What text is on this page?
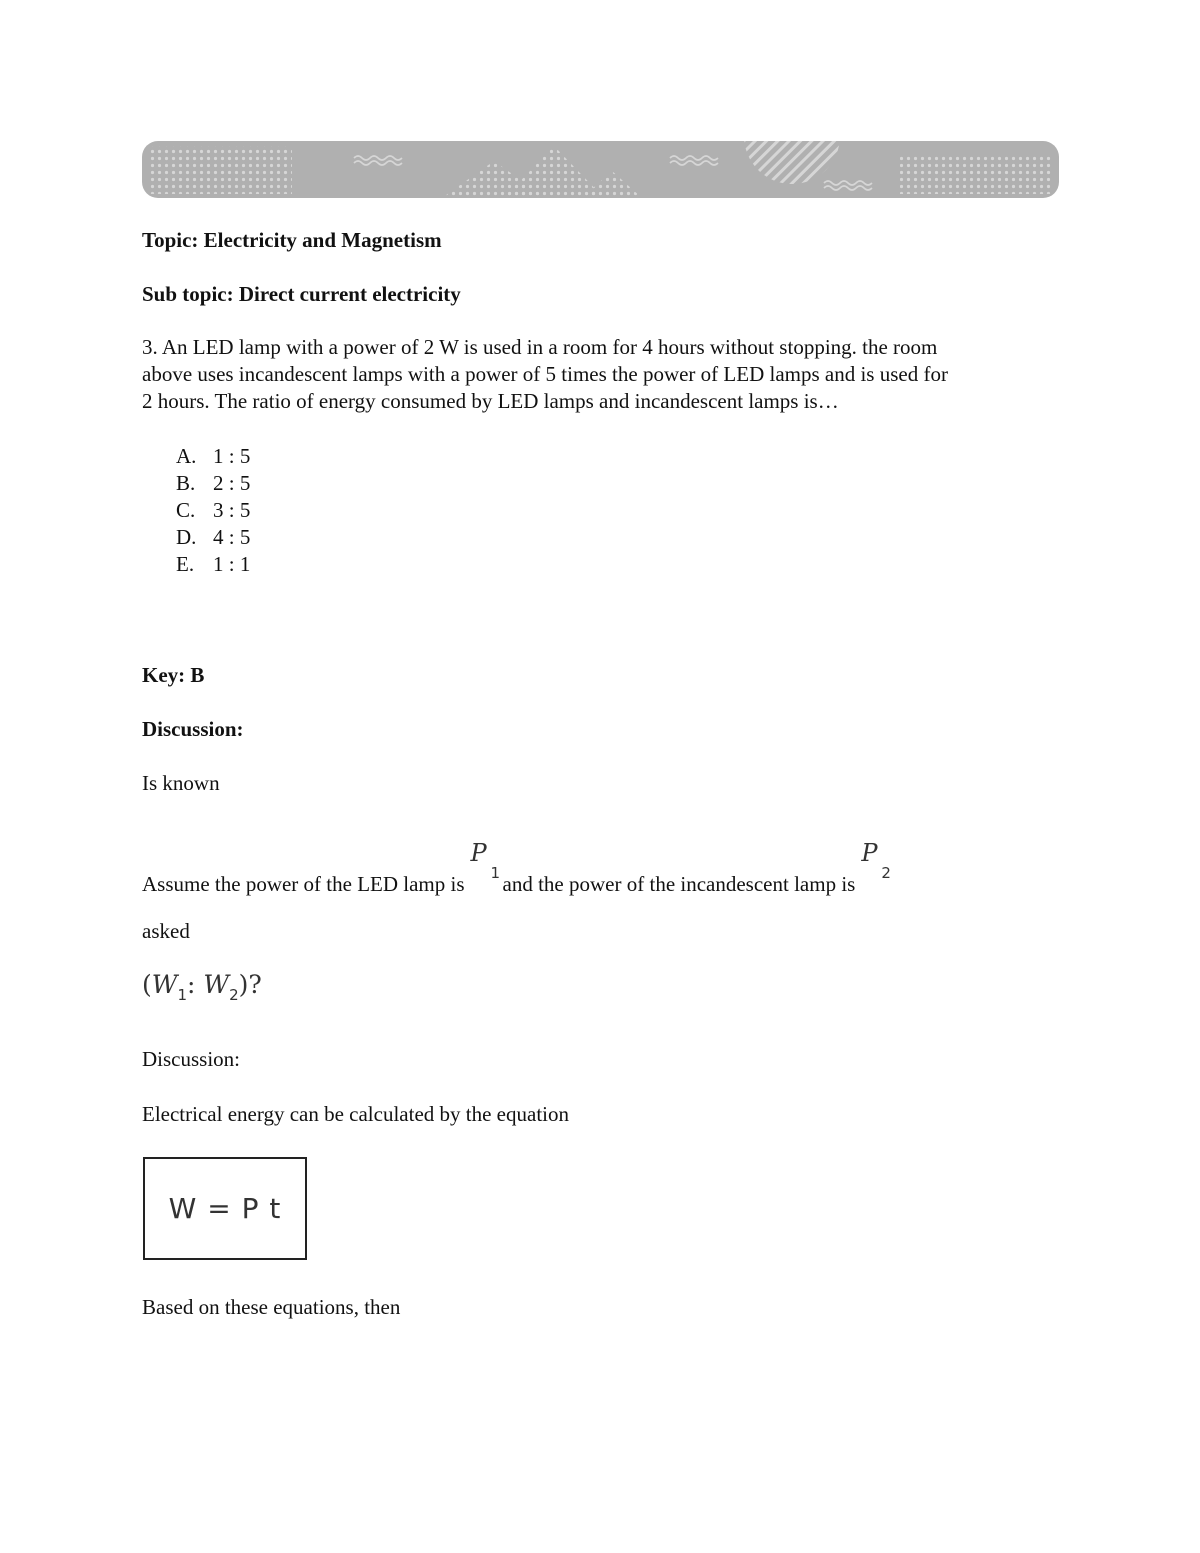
Topic: Electricity and Magnetism
Sub topic: Direct current electricity

3. An LED lamp with a power of 2 W is used in a room for 4 hours without stopping. the room

above uses incandescent lamps with a power of 5 times the power of LED lamps and is used for

2 hours. The ratio of energy consumed by LED lamps and incandescent lamps is…

A. 1 : 5
B. 2 : 5
C. 3 : 5
D. 4 : 5
E. 1 : 1
Key: B
Discussion:
Is known
Assume the power of the LED lamp is
P
1 and the power of the incandescent lamp is
P
2
asked
($W_1$: $W_2$)?
Discussion:
Electrical energy can be calculated by the equation
W = P t
Based on these equations, then
